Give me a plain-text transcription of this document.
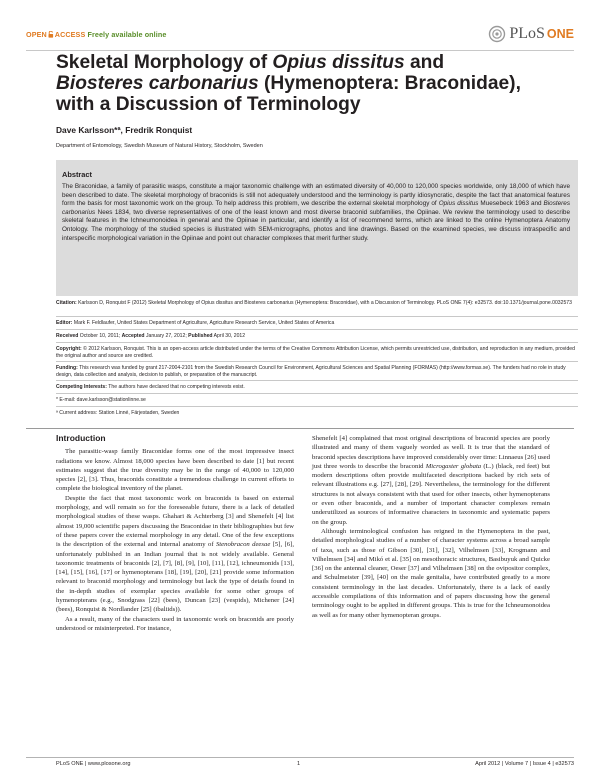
OPEN ACCESS Freely available online	PLoS ONE
Skeletal Morphology of Opius dissitus and Biosteres carbonarius (Hymenoptera: Braconidae), with a Discussion of Terminology
Dave Karlsson*ª, Fredrik Ronquist
Department of Entomology, Swedish Museum of Natural History, Stockholm, Sweden
Abstract

The Braconidae, a family of parasitic wasps, constitute a major taxonomic challenge with an estimated diversity of 40,000 to 120,000 species worldwide, only 18,000 of which have been described to date. The skeletal morphology of braconids is still not adequately understood and the terminology is partly idiosyncratic, despite the fact that anatomical features form the basis for most taxonomic work on the group. To help address this problem, we describe the external skeletal morphology of Opius dissitus Muesebeck 1963 and Biosteres carbonarius Nees 1834, two diverse representatives of one of the least known and most diverse braconid subfamilies, the Opiinae. We review the terminology used to describe skeletal features in the Ichneumonoidea in general and the Opiinae in particular, and identify a list of recommend terms, which are linked to the online Hymenoptera Anatomy Ontology. The morphology of the studied species is illustrated with SEM-micrographs, photos and line drawings. Based on the examined species, we discuss intraspecific and interspecific morphological variation in the Opiinae and point out character complexes that merit further study.

Citation: Karlsson D, Ronquist F (2012) Skeletal Morphology of Opius dissitus and Biosteres carbonarius (Hymenoptera: Braconidae), with a Discussion of Terminology. PLoS ONE 7(4): e32573. doi:10.1371/journal.pone.0032573

Editor: Mark F. Feldlaufer, United States Department of Agriculture, Agriculture Research Service, United States of America

Received October 10, 2011; Accepted January 27, 2012; Published April 30, 2012

Copyright: © 2012 Karlsson, Ronquist. This is an open-access article distributed under the terms of the Creative Commons Attribution License, which permits unrestricted use, distribution, and reproduction in any medium, provided the original author and source are credited.

Funding: This research was funded by grant 217-2004-2101 from the Swedish Research Council for Environment, Agricultural Sciences and Spatial Planning (FORMAS) (http://www.formas.se). The funders had no role in study design, data collection and analysis, decision to publish, or preparation of the manuscript.

Competing Interests: The authors have declared that no competing interests exist.

* E-mail: dave.karlsson@stationlinne.se

ª Current address: Station Linné, Färjestaden, Sweden

Introduction

The parasitic-wasp family Braconidae forms one of the most impressive insect radiations we know. Almost 18,000 species have been described to date [1] but recent estimates suggest that the true diversity may be in the range of 40,000 to 120,000 species [2], [3]. Thus, braconids constitute a tremendous challenge in current efforts to complete the biological inventory of the planet.

Despite the fact that most taxonomic work on braconids is based on external morphology, and will remain so for the foreseeable future, there is a lack of detailed morphological studies of these wasps. Ghahari & Achterberg [3] and Shenefelt [4] list almost 19,000 scientific papers discussing the Braconidae in their bibliographies but few of these papers cover the external morphology in any detail. One of the few exceptions is the description of the external and internal anatomy of Stenobracon deesae [5], [6], unfortunately published in an Indian journal that is not widely available. General taxonomic treatments of braconids [2], [7], [8], [9], [10], [11], [12], ichneumonids [13], [14], [15], [16], [17] or hymenopterans [18], [19], [20], [21] provide some information relevant to braconid morphology and terminology but lack the type of details found in the in-depth studies of exemplar species available for some other groups of hymenopterans (e.g., Snodgrass [22] (bees), Duncan [23] (vespids), Michener [24] (bees), Ronquist & Nordlander [25] (ibaliids)).

As a result, many of the characters used in taxonomic work on braconids are poorly understood or misinterpreted. For instance,

Shenefelt [4] complained that most original descriptions of braconid species are poorly illustrated and many of them vaguely worded as well. It is true that the standard of braconid species descriptions have improved considerably over time: Linnaeus [26] used just three words to describe the braconid Microgaster globata (L.) (black, red feet) but modern descriptions often provide multifaceted descriptions backed by rich sets of relevant illustrations e.g. [27], [28], [29]. Nevertheless, the terminology for the different structures is not always consistent with that used for other insects, other hymenopterans or even other braconids, and a number of important character complexes remain underutilized as sources of informative characters in taxonomic and systematic papers on the group.

Although terminological confusion has reigned in the Hymenoptera in the past, detailed morphological studies of a number of character systems across a broad sample of taxa, such as those of Gibson [30], [31], [32], Vilhelmsen [33], Krogmann and Vilhelmsen [34] and Mikó et al. [35] on mesothoracic structures, Basibuyuk and Quicke [36] on the antennal cleaner, Oeser [37] and Vilhelmsen [38] on the ovipositor complex, and Schulmeister [39], [40] on the male genitalia, have contributed greatly to a more consistent terminology in the last decades. Unfortunately, there is a lack of easily accessible compilations of this information and of papers discussing how the general terminology ought to be applied in different groups. This is true for the Ichneumonoidea as well as for many other hymenopteran groups.

PLoS ONE | www.plosone.org	1	April 2012 | Volume 7 | Issue 4 | e32573
